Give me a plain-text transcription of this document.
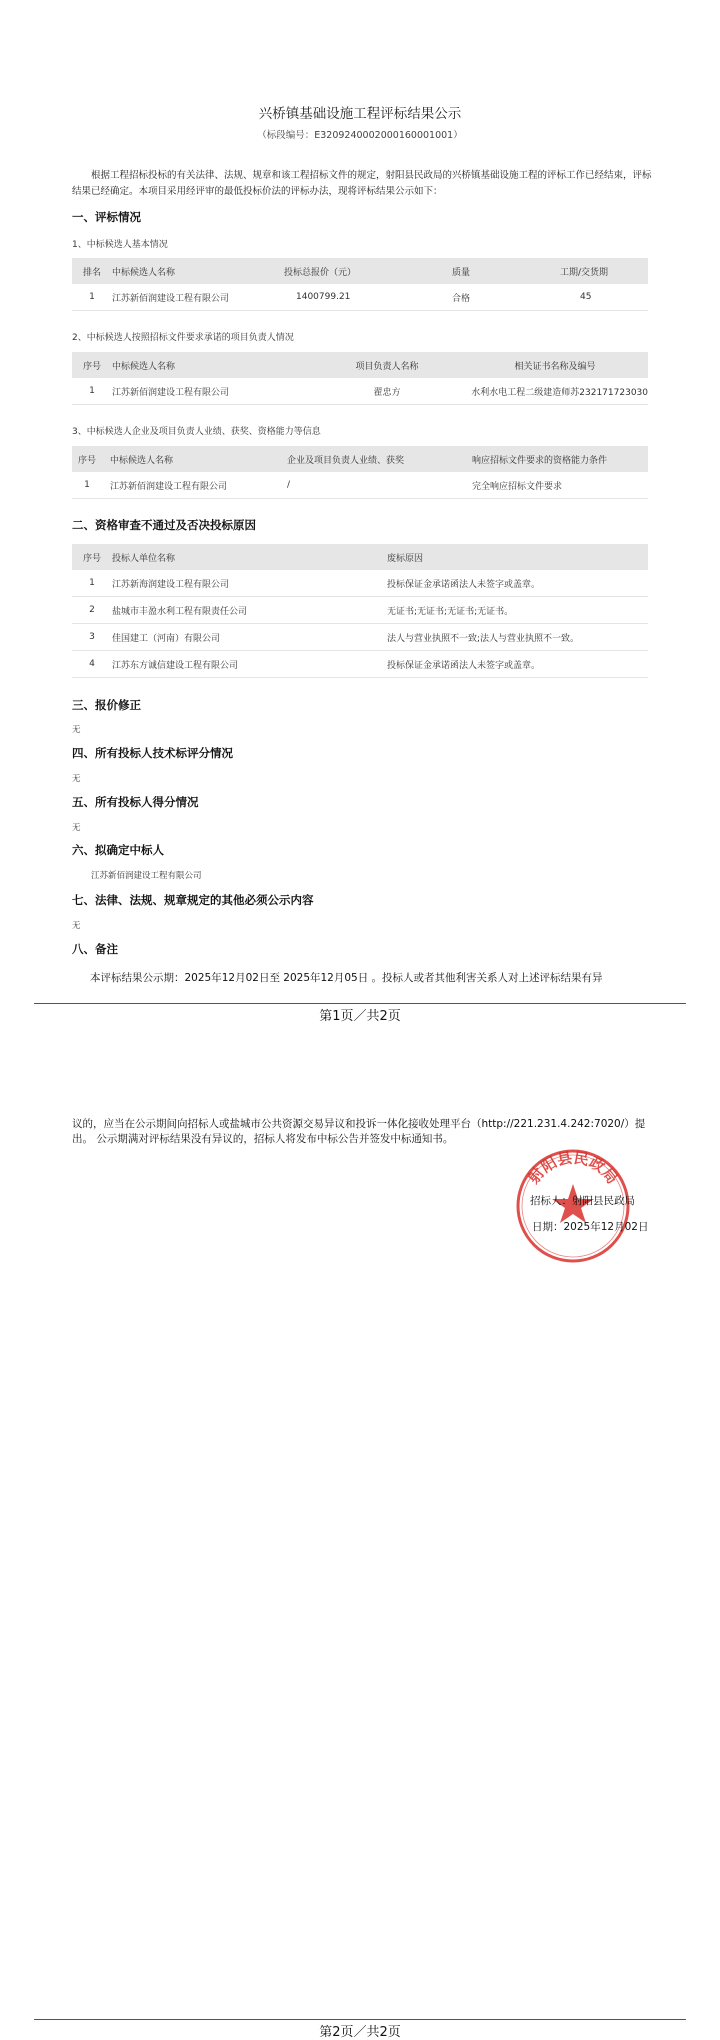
兴桥镇基础设施工程评标结果公示
（标段编号：E3209240002000160001001）
根据工程招标投标的有关法律、法规、规章和该工程招标文件的规定，射阳县民政局的兴桥镇基础设施工程的评标工作已经结束，评标结果已经确定。本项目采用经评审的最低投标价法的评标办法，现将评标结果公示如下：
一、评标情况
1、中标候选人基本情况
排名	中标候选人名称	投标总报价（元）	质量	工期/交货期
1	江苏新佰润建设工程有限公司	1400799.21	合格	45
2、中标候选人按照招标文件要求承诺的项目负责人情况
序号	中标候选人名称	项目负责人名称	相关证书名称及编号
1	江苏新佰润建设工程有限公司	翟忠方	水利水电工程二级建造师苏232171723030
3、中标候选人企业及项目负责人业绩、获奖、资格能力等信息
序号	中标候选人名称	企业及项目负责人业绩、获奖	响应招标文件要求的资格能力条件
1	江苏新佰润建设工程有限公司	/	完全响应招标文件要求
二、资格审查不通过及否决投标原因
序号	投标人单位名称	废标原因
1	江苏新海润建设工程有限公司	投标保证金承诺函法人未签字或盖章。
2	盐城市丰盈水利工程有限责任公司	无证书;无证书;无证书;无证书。
3	佳国建工（河南）有限公司	法人与营业执照不一致;法人与营业执照不一致。
4	江苏东方诚信建设工程有限公司	投标保证金承诺函法人未签字或盖章。
三、报价修正
无
四、所有投标人技术标评分情况
无
五、所有投标人得分情况
无
六、拟确定中标人
江苏新佰润建设工程有限公司
七、法律、法规、规章规定的其他必须公示内容
无
八、备注
本评标结果公示期：2025年12月02日至 2025年12月05日 。投标人或者其他利害关系人对上述评标结果有异
第1页／共2页
议的，应当在公示期间向招标人或盐城市公共资源交易异议和投诉一体化接收处理平台（http://221.231.4.242:7020/）提出。 公示期满对评标结果没有异议的，招标人将发布中标公告并签发中标通知书。
射阳县民政局
招标人：射阳县民政局
日期：2025年12月02日
第2页／共2页
